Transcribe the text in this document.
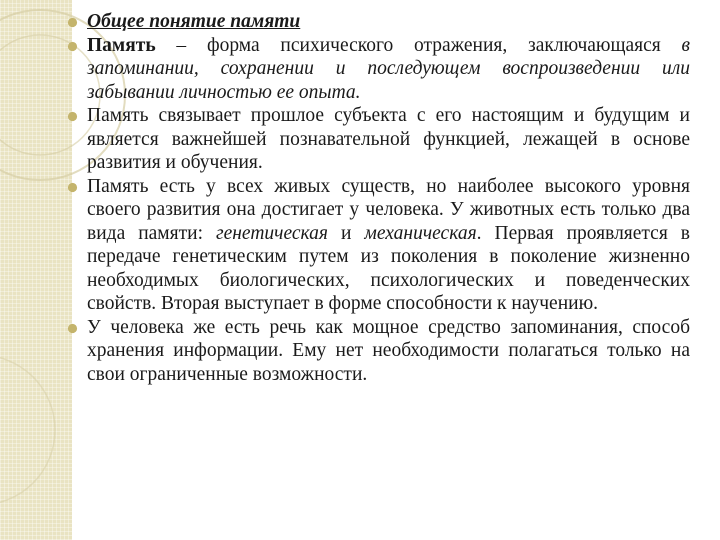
Общее понятие памяти
Память – форма психического отражения, заключающаяся в запоминании, сохранении и последующем воспроизведении или забывании личностью ее опыта.
Память связывает прошлое субъекта с его настоящим и будущим и является важнейшей познавательной функцией, лежащей в основе развития и обучения.
Память есть у всех живых существ, но наиболее высокого уровня своего развития она достигает у человека. У животных есть только два вида памяти: генетическая и механическая. Первая проявляется в передаче генетическим путем из поколения в поколение жизненно необходимых биологических, психологических и поведенческих свойств. Вторая выступает в форме способности к научению.
У человека же есть речь как мощное средство запоминания, способ хранения информации. Ему нет необходимости полагаться только на свои ограниченные возможности.
